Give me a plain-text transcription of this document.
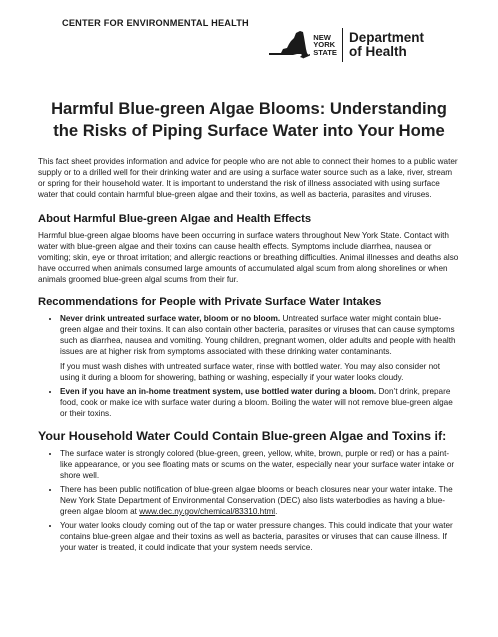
CENTER FOR ENVIRONMENTAL HEALTH
NEW
YORK
STATE
Department
of Health
Harmful Blue-green Algae Blooms: Understanding
the Risks of Piping Surface Water into Your Home

This fact sheet provides information and advice for people who are not able to connect their homes to a public water supply or to a drilled well for their drinking water and are using a surface water source such as a lake, river, stream or spring for their household water. It is important to understand the risk of illness associated with using surface water that could contain harmful blue-green algae and their toxins, as well as bacteria, parasites and viruses.

About Harmful Blue-green Algae and Health Effects

Harmful blue-green algae blooms have been occurring in surface waters throughout New York State. Contact with water with blue-green algae and their toxins can cause health effects. Symptoms include diarrhea, nausea or vomiting; skin, eye or throat irritation; and allergic reactions or breathing difficulties. Animal illnesses and deaths also have occurred when animals consumed large amounts of accumulated algal scum from along shorelines or when animals groomed blue-green algal scums from their fur.

Recommendations for People with Private Surface Water Intakes
• Never drink untreated surface water, bloom or no bloom. Untreated surface water might contain blue-green algae and their toxins. It can also contain other bacteria, parasites or viruses that can cause symptoms such as diarrhea, nausea and vomiting. Young children, pregnant women, older adults and people with health issues are at higher risk from symptoms associated with these drinking water contaminants.
If you must wash dishes with untreated surface water, rinse with bottled water. You may also consider not using it during a bloom for showering, bathing or washing, especially if your water looks cloudy.
• Even if you have an in-home treatment system, use bottled water during a bloom. Don’t drink, prepare food, cook or make ice with surface water during a bloom. Boiling the water will not remove blue-green algae or their toxins.
Your Household Water Could Contain Blue-green Algae and Toxins if:
• The surface water is strongly colored (blue-green, green, yellow, white, brown, purple or red) or has a paint-like appearance, or you see floating mats or scums on the water, especially near your surface water intake or shore well.
• There has been public notification of blue-green algae blooms or beach closures near your water intake. The New York State Department of Environmental Conservation (DEC) also lists waterbodies as having a blue-green algae bloom at www.dec.ny.gov/chemical/83310.html.
• Your water looks cloudy coming out of the tap or water pressure changes. This could indicate that your water contains blue-green algae and their toxins as well as bacteria, parasites or viruses that can cause illness. If your water is treated, it could indicate that your system needs service.
